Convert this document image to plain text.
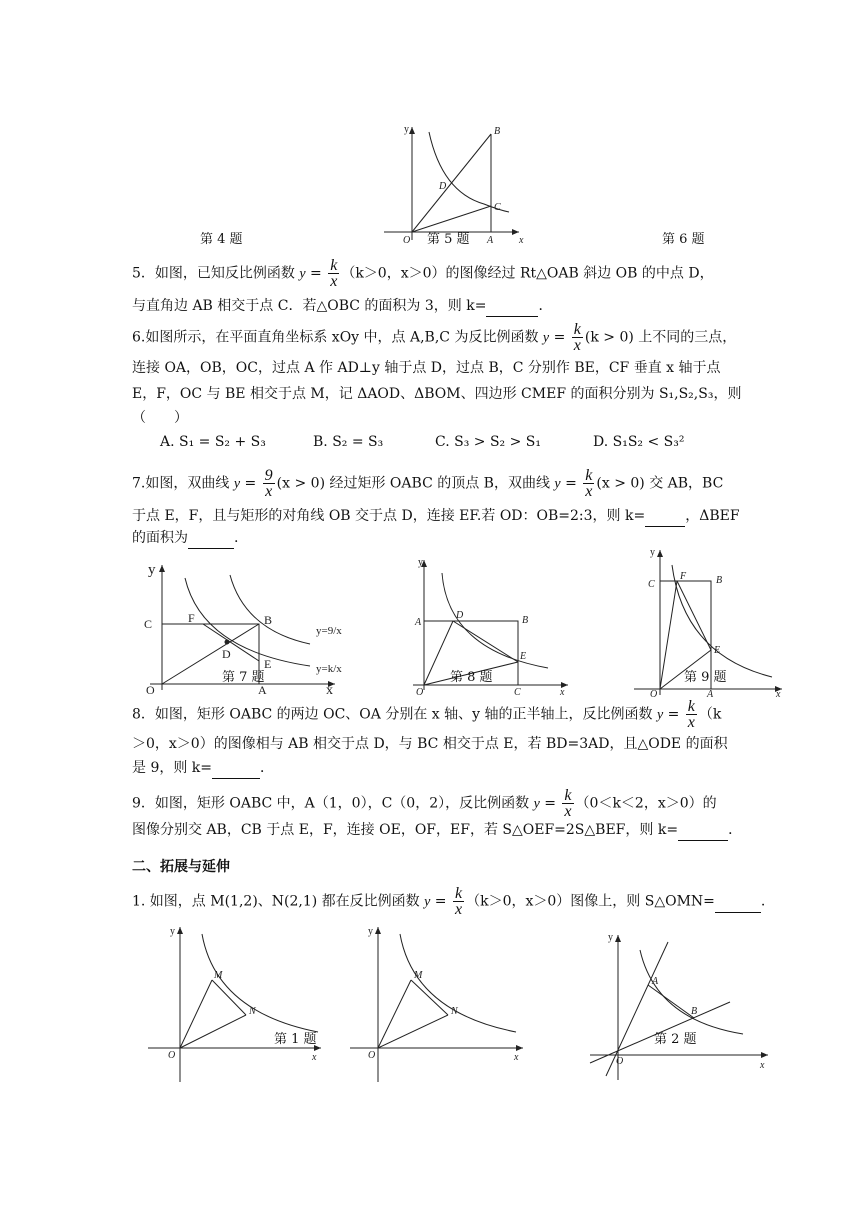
y	B
D
C
O	A	x
第 4 题	第 5 题	第 6 题
5．如图，已知反比例函数 $y = \frac{k}{x} (k>0$，x＞0）的图像经过 Rt△OAB 斜边 OB 的中点 D，
与直角边 AB 相交于点 C．若△OBC 的面积为 3，则 k=	．
6.如图所示，在平面直角坐标系 xOy 中，点 A,B,C 为反比例函数 $y = \frac{k}{x} (k > 0)$ 上不同的三点，
连接 OA，OB，OC，过点 A 作 AD⊥y 轴于点 D，过点 B，C 分别作 BE，CF 垂直 x 轴于点
E，F，OC 与 BE 相交于点 M，记 ΔAOD、ΔBOM、四边形 CMEF 的面积分别为 S₁,S₂,S₃，则
（　　）
A. S₁ = S₂ + S₃	B. S₂ = S₃	C. S₃ > S₂ > S₁	D. S₁S₂ < S₃²
7.如图，双曲线 $y = \frac{9}{x} (x > 0)$ 经过矩形 OABC 的顶点 B，双曲线 $y = \frac{k}{x} (x > 0)$ 交 AB，BC
于点 E，F，且与矩形的对角线 OB 交于点 D，连接 EF.若 OD：OB=2:3，则 k=	，ΔBEF
的面积为	.
y
C	F	B
D
E
O	A	x
y=9/x
y=k/x
第 7 题
y
A
D	B
E
O	C	x
第 8 题
y
C
F	B
E
O	A	x
第 9 题
8．如图，矩形 OABC 的两边 OC、OA 分别在 x 轴、y 轴的正半轴上，反比例函数 $y = \frac{k}{x} (k$
＞0，x＞0）的图像相与 AB 相交于点 D，与 BC 相交于点 E，若 BD=3AD，且△ODE 的面积
是 9，则 k=	．
9．如图，矩形 OABC 中，A（1，0），C（0，2），反比例函数 $y = \frac{k}{x} (0<k<2$，x＞0）的
图像分别交 AB，CB 于点 E，F，连接 OE，OF，EF，若 S△OEF=2S△BEF，则 k=	．
二、拓展与延伸
1. 如图，点 M(1,2)、N(2,1) 都在反比例函数 $y = \frac{k}{x} (k>0$，x＞0）图像上，则 S△OMN=	.
y
M
N
O	x
第 1 题
y
M
N
O	x
y
A
B
O	x
第 2 题
